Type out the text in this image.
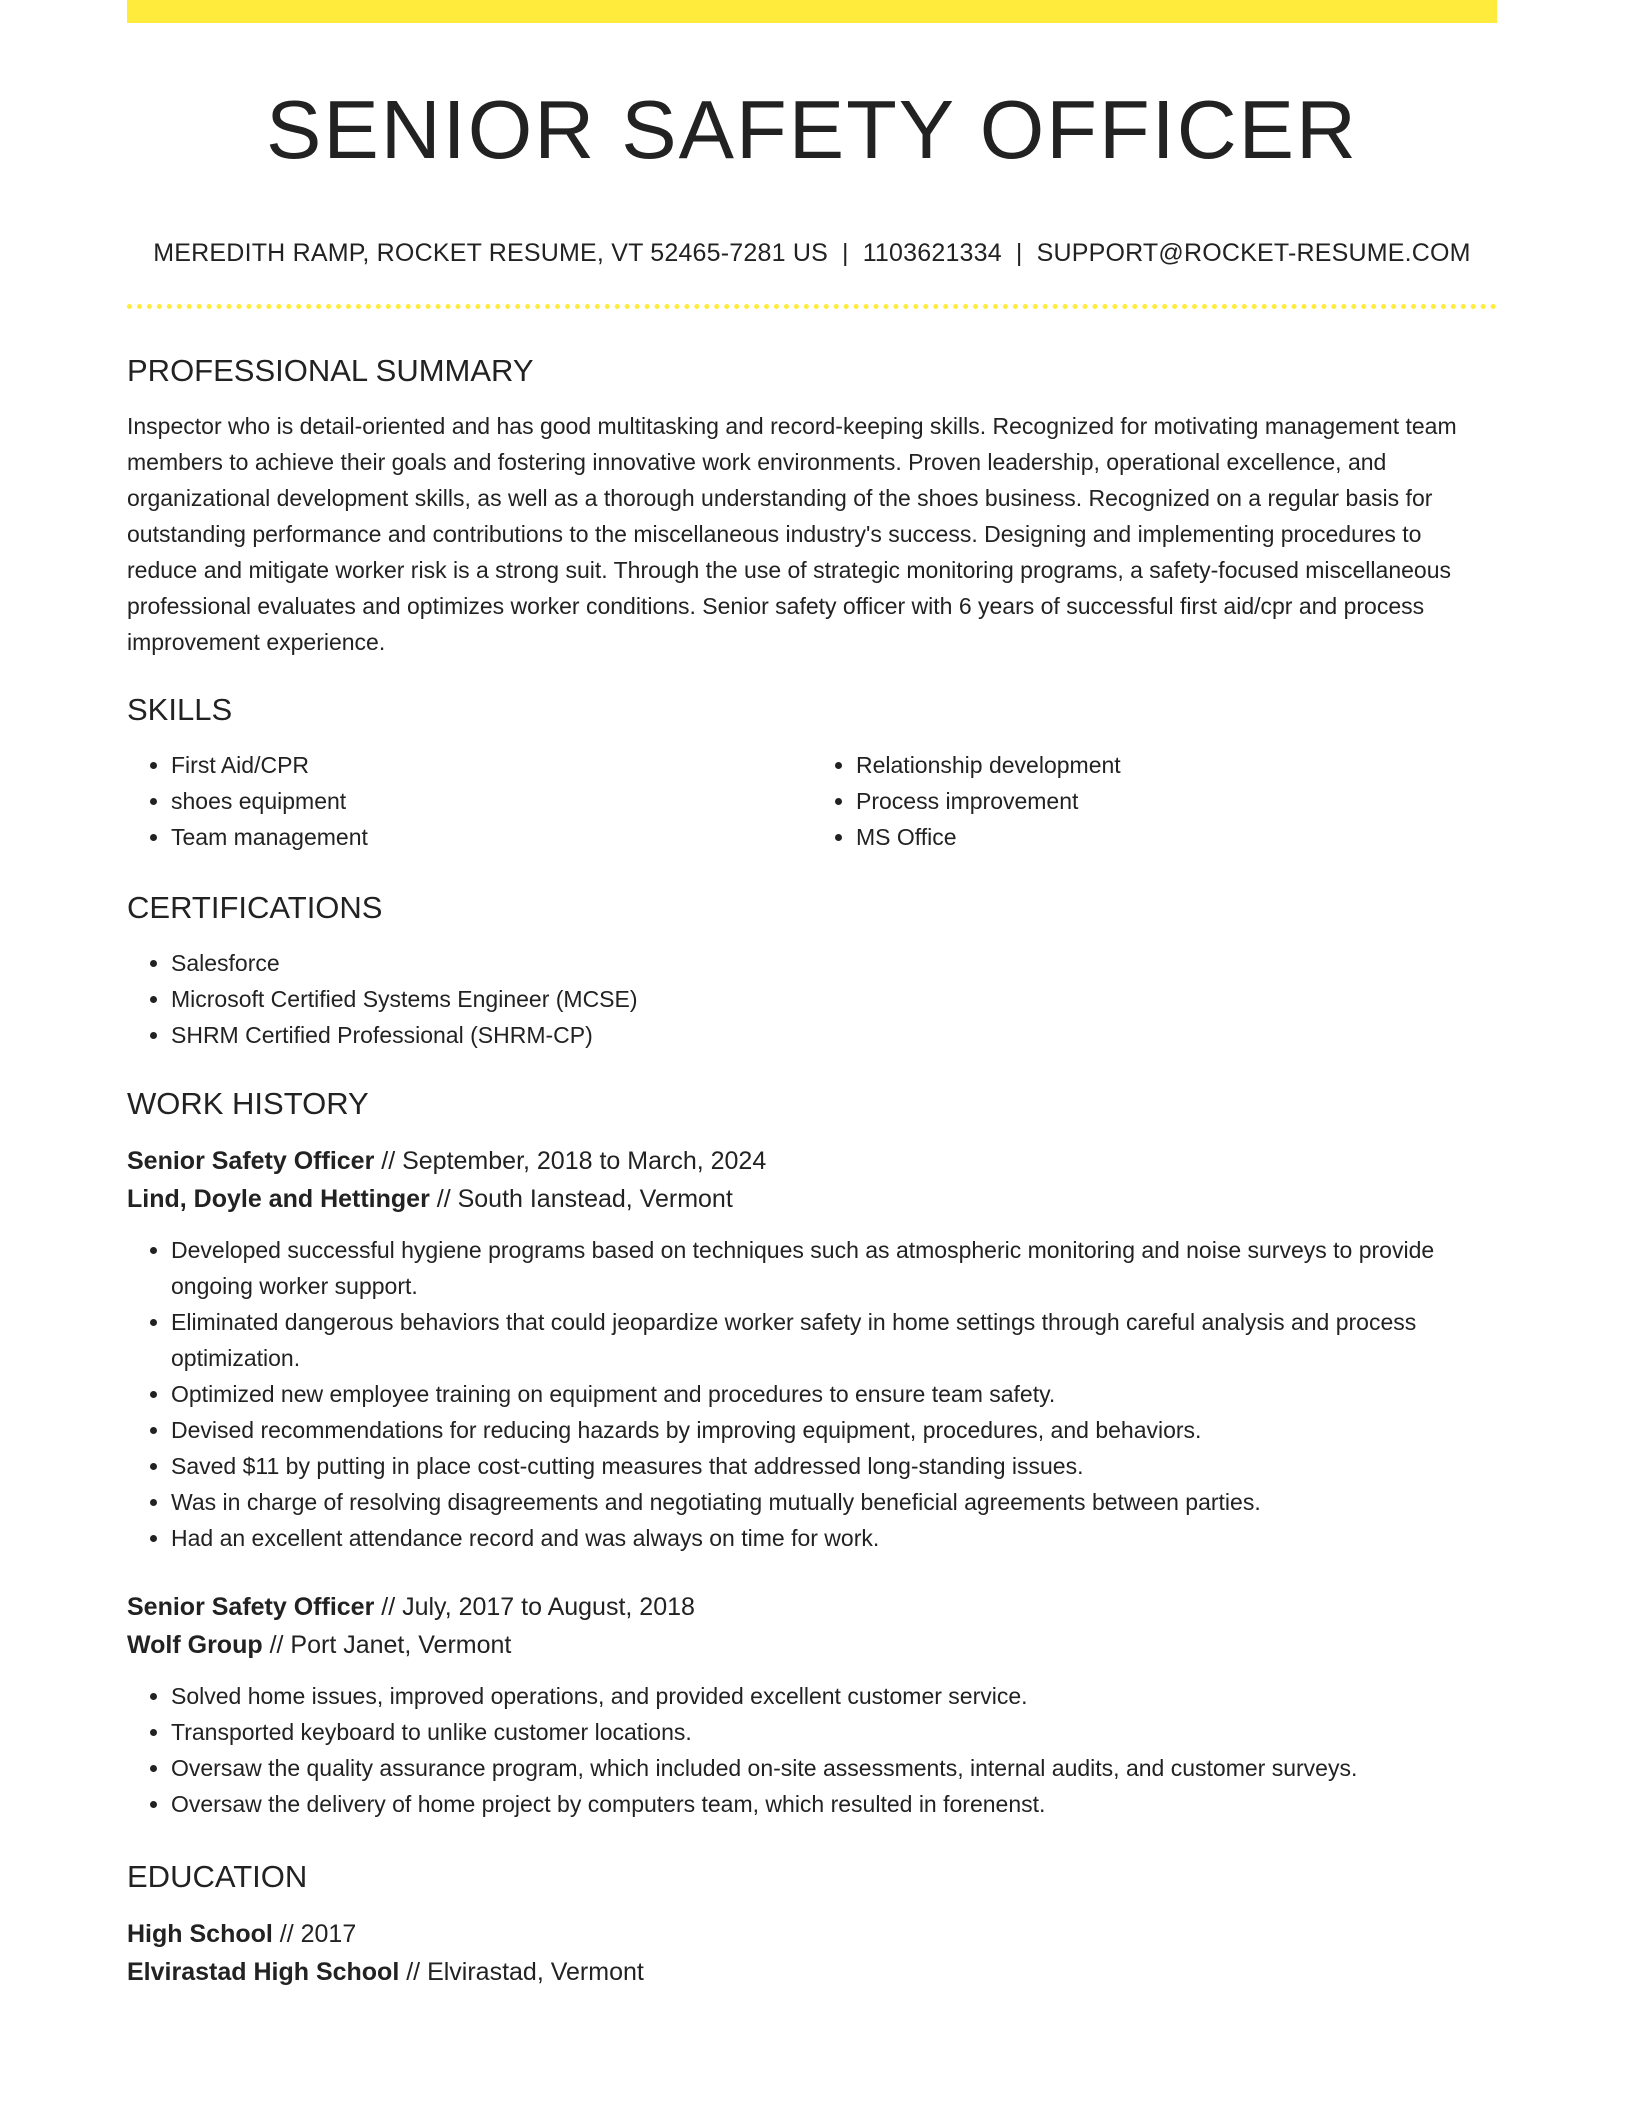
SENIOR SAFETY OFFICER
MEREDITH RAMP, ROCKET RESUME, VT 52465-7281 US | 1103621334 | SUPPORT@ROCKET-RESUME.COM
PROFESSIONAL SUMMARY

Inspector who is detail-oriented and has good multitasking and record-keeping skills. Recognized for motivating management team members to achieve their goals and fostering innovative work environments. Proven leadership, operational excellence, and organizational development skills, as well as a thorough understanding of the shoes business. Recognized on a regular basis for outstanding performance and contributions to the miscellaneous industry's success. Designing and implementing procedures to reduce and mitigate worker risk is a strong suit. Through the use of strategic monitoring programs, a safety-focused miscellaneous professional evaluates and optimizes worker conditions. Senior safety officer with 6 years of successful first aid/cpr and process improvement experience.

SKILLS
• First Aid/CPR
• shoes equipment
• Team management
• Relationship development
• Process improvement
• MS Office
CERTIFICATIONS
• Salesforce
• Microsoft Certified Systems Engineer (MCSE)
• SHRM Certified Professional (SHRM-CP)
WORK HISTORY

Senior Safety Officer // September, 2018 to March, 2024

Lind, Doyle and Hettinger // South Ianstead, Vermont

• Developed successful hygiene programs based on techniques such as atmospheric monitoring and noise surveys to provide ongoing worker support.
• Eliminated dangerous behaviors that could jeopardize worker safety in home settings through careful analysis and process optimization.
• Optimized new employee training on equipment and procedures to ensure team safety.
• Devised recommendations for reducing hazards by improving equipment, procedures, and behaviors.
• Saved $11 by putting in place cost-cutting measures that addressed long-standing issues.
• Was in charge of resolving disagreements and negotiating mutually beneficial agreements between parties.
• Had an excellent attendance record and was always on time for work.

Senior Safety Officer // July, 2017 to August, 2018

Wolf Group // Port Janet, Vermont

• Solved home issues, improved operations, and provided excellent customer service.
• Transported keyboard to unlike customer locations.
• Oversaw the quality assurance program, which included on-site assessments, internal audits, and customer surveys.
• Oversaw the delivery of home project by computers team, which resulted in forenenst.
EDUCATION

High School // 2017

Elvirastad High School // Elvirastad, Vermont
